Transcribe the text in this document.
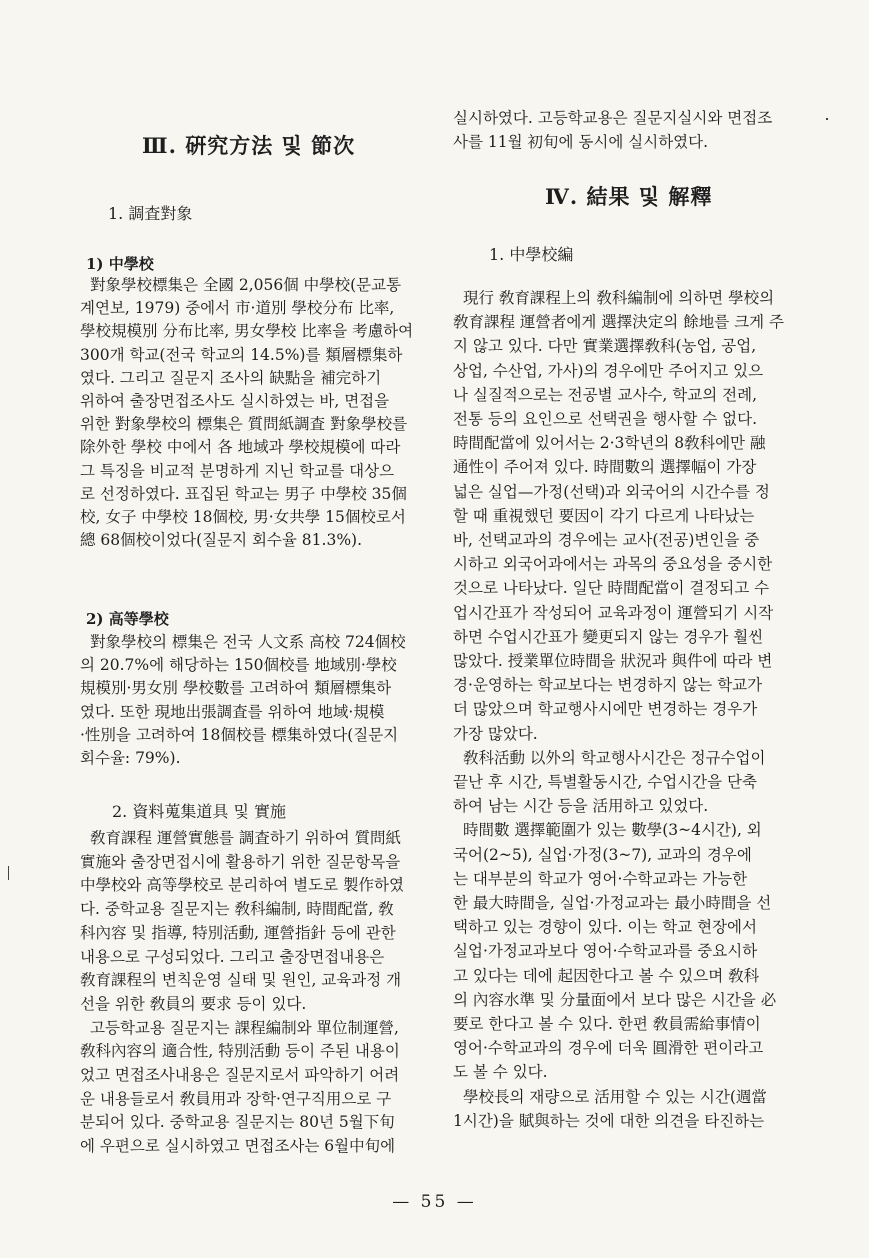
Ⅲ. 硏究方法 및 節次
1. 調査對象
1) 中學校
對象學校標集은 全國 2,056個 中學校(문교통
계연보, 1979) 중에서 市·道別 學校分布 比率,
學校規模別 分布比率, 男女學校 比率을 考慮하여
300개 학교(전국 학교의 14.5%)를 類層標集하
였다. 그리고 질문지 조사의 缺點을 補完하기
위하여 출장면접조사도 실시하였는 바, 면접을
위한 對象學校의 標集은 質問紙調査 對象學校를
除外한 學校 中에서 各 地域과 學校規模에 따라
그 특징을 비교적 분명하게 지닌 학교를 대상으
로 선정하였다. 표집된 학교는 男子 中學校 35個
校, 女子 中學校 18個校, 男·女共學 15個校로서
總 68個校이었다(질문지 회수율 81.3%).
2) 高等學校
對象學校의 標集은 전국 人文系 高校 724個校
의 20.7%에 해당하는 150個校를 地域別·學校
規模別·男女別 學校數를 고려하여 類層標集하
였다. 또한 現地出張調査를 위하여 地域·規模
·性別을 고려하여 18個校를 標集하였다(질문지
회수율: 79%).
2. 資料蒐集道具 및 實施
敎育課程 運營實態를 調査하기 위하여 質問紙
實施와 출장면접시에 활용하기 위한 질문항목을
中學校와 高等學校로 분리하여 별도로 製作하였
다. 중학교용 질문지는 敎科編制, 時間配當, 敎
科內容 및 指導, 特別活動, 運營指針 등에 관한
내용으로 구성되었다. 그리고 출장면접내용은
敎育課程의 변칙운영 실태 및 원인, 교육과정 개
선을 위한 敎員의 要求 등이 있다.
고등학교용 질문지는 課程編制와 單位制運營,
敎科內容의 適合性, 特別活動 등이 주된 내용이
었고 면접조사내용은 질문지로서 파악하기 어려
운 내용들로서 敎員用과 장학·연구직用으로 구
분되어 있다. 중학교용 질문지는 80년 5월下旬
에 우편으로 실시하였고 면접조사는 6월中旬에
실시하였다. 고등학교용은 질문지실시와 면접조
사를 11월 初旬에 동시에 실시하였다.
Ⅳ. 結果 및 解釋
1. 中學校編
現行 敎育課程上의 敎科編制에 의하면 學校의
敎育課程 運營者에게 選擇決定의 餘地를 크게 주
지 않고 있다. 다만 實業選擇敎科(농업, 공업,
상업, 수산업, 가사)의 경우에만 주어지고 있으
나 실질적으로는 전공별 교사수, 학교의 전례,
전통 등의 요인으로 선택권을 행사할 수 없다.
時間配當에 있어서는 2·3학년의 8敎科에만 融
通性이 주어져 있다. 時間數의 選擇幅이 가장
넓은 실업—가정(선택)과 외국어의 시간수를 정
할 때 重視했던 要因이 각기 다르게 나타났는
바, 선택교과의 경우에는 교사(전공)변인을 중
시하고 외국어과에서는 과목의 중요성을 중시한
것으로 나타났다. 일단 時間配當이 결정되고 수
업시간표가 작성되어 교육과정이 運營되기 시작
하면 수업시간표가 變更되지 않는 경우가 훨씬
많았다. 授業單位時間을 狀況과 與件에 따라 변
경·운영하는 학교보다는 변경하지 않는 학교가
더 많았으며 학교행사시에만 변경하는 경우가
가장 많았다.
敎科活動 以外의 학교행사시간은 정규수업이
끝난 후 시간, 특별활동시간, 수업시간을 단축
하여 남는 시간 등을 活用하고 있었다.
時間數 選擇範圍가 있는 數學(3~4시간), 외
국어(2~5), 실업·가정(3~7), 교과의 경우에
는 대부분의 학교가 영어·수학교과는 가능한
한 最大時間을, 실업·가정교과는 最小時間을 선
택하고 있는 경향이 있다. 이는 학교 현장에서
실업·가정교과보다 영어·수학교과를 중요시하
고 있다는 데에 起因한다고 볼 수 있으며 敎科
의 內容水準 및 分量面에서 보다 많은 시간을 必
要로 한다고 볼 수 있다. 한편 敎員需給事情이
영어·수학교과의 경우에 더욱 圓滑한 편이라고
도 볼 수 있다.
學校長의 재량으로 活用할 수 있는 시간(週當
1시간)을 賦與하는 것에 대한 의견을 타진하는
— 55 —
